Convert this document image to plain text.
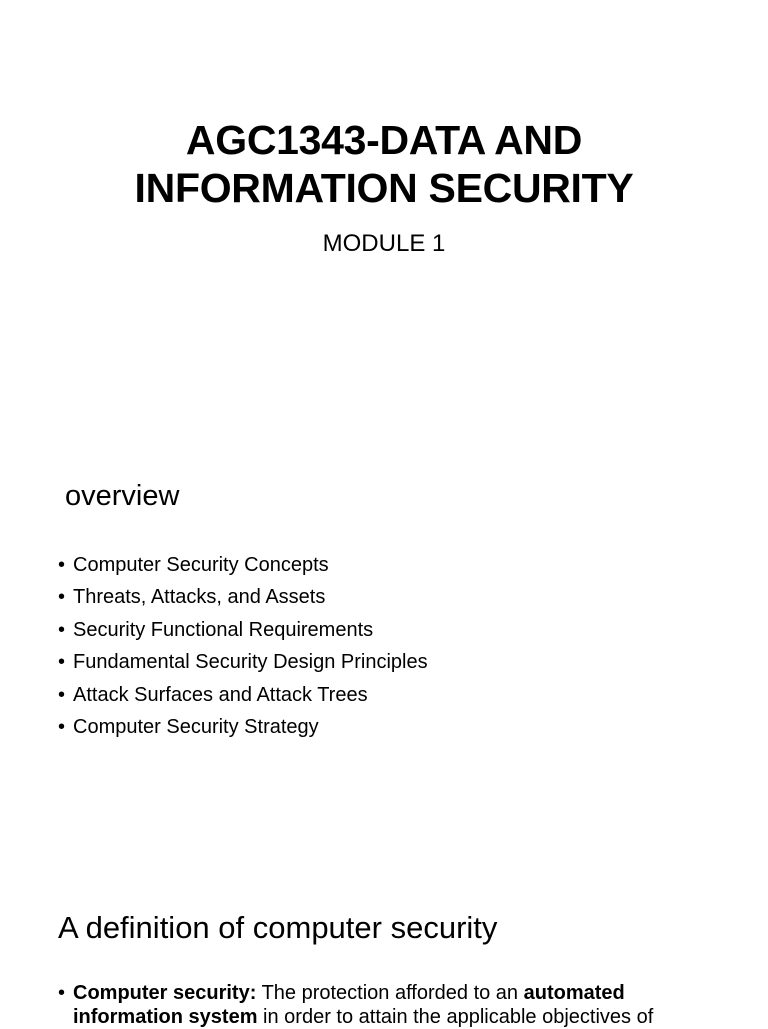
AGC1343-DATA AND
INFORMATION SECURITY

MODULE 1

overview
• Computer Security Concepts
• Threats, Attacks, and Assets
• Security Functional Requirements
• Fundamental Security Design Principles
• Attack Surfaces and Attack Trees
• Computer Security Strategy
A definition of computer security

• Computer security: The protection afforded to an automated
information system in order to attain the applicable objectives of
